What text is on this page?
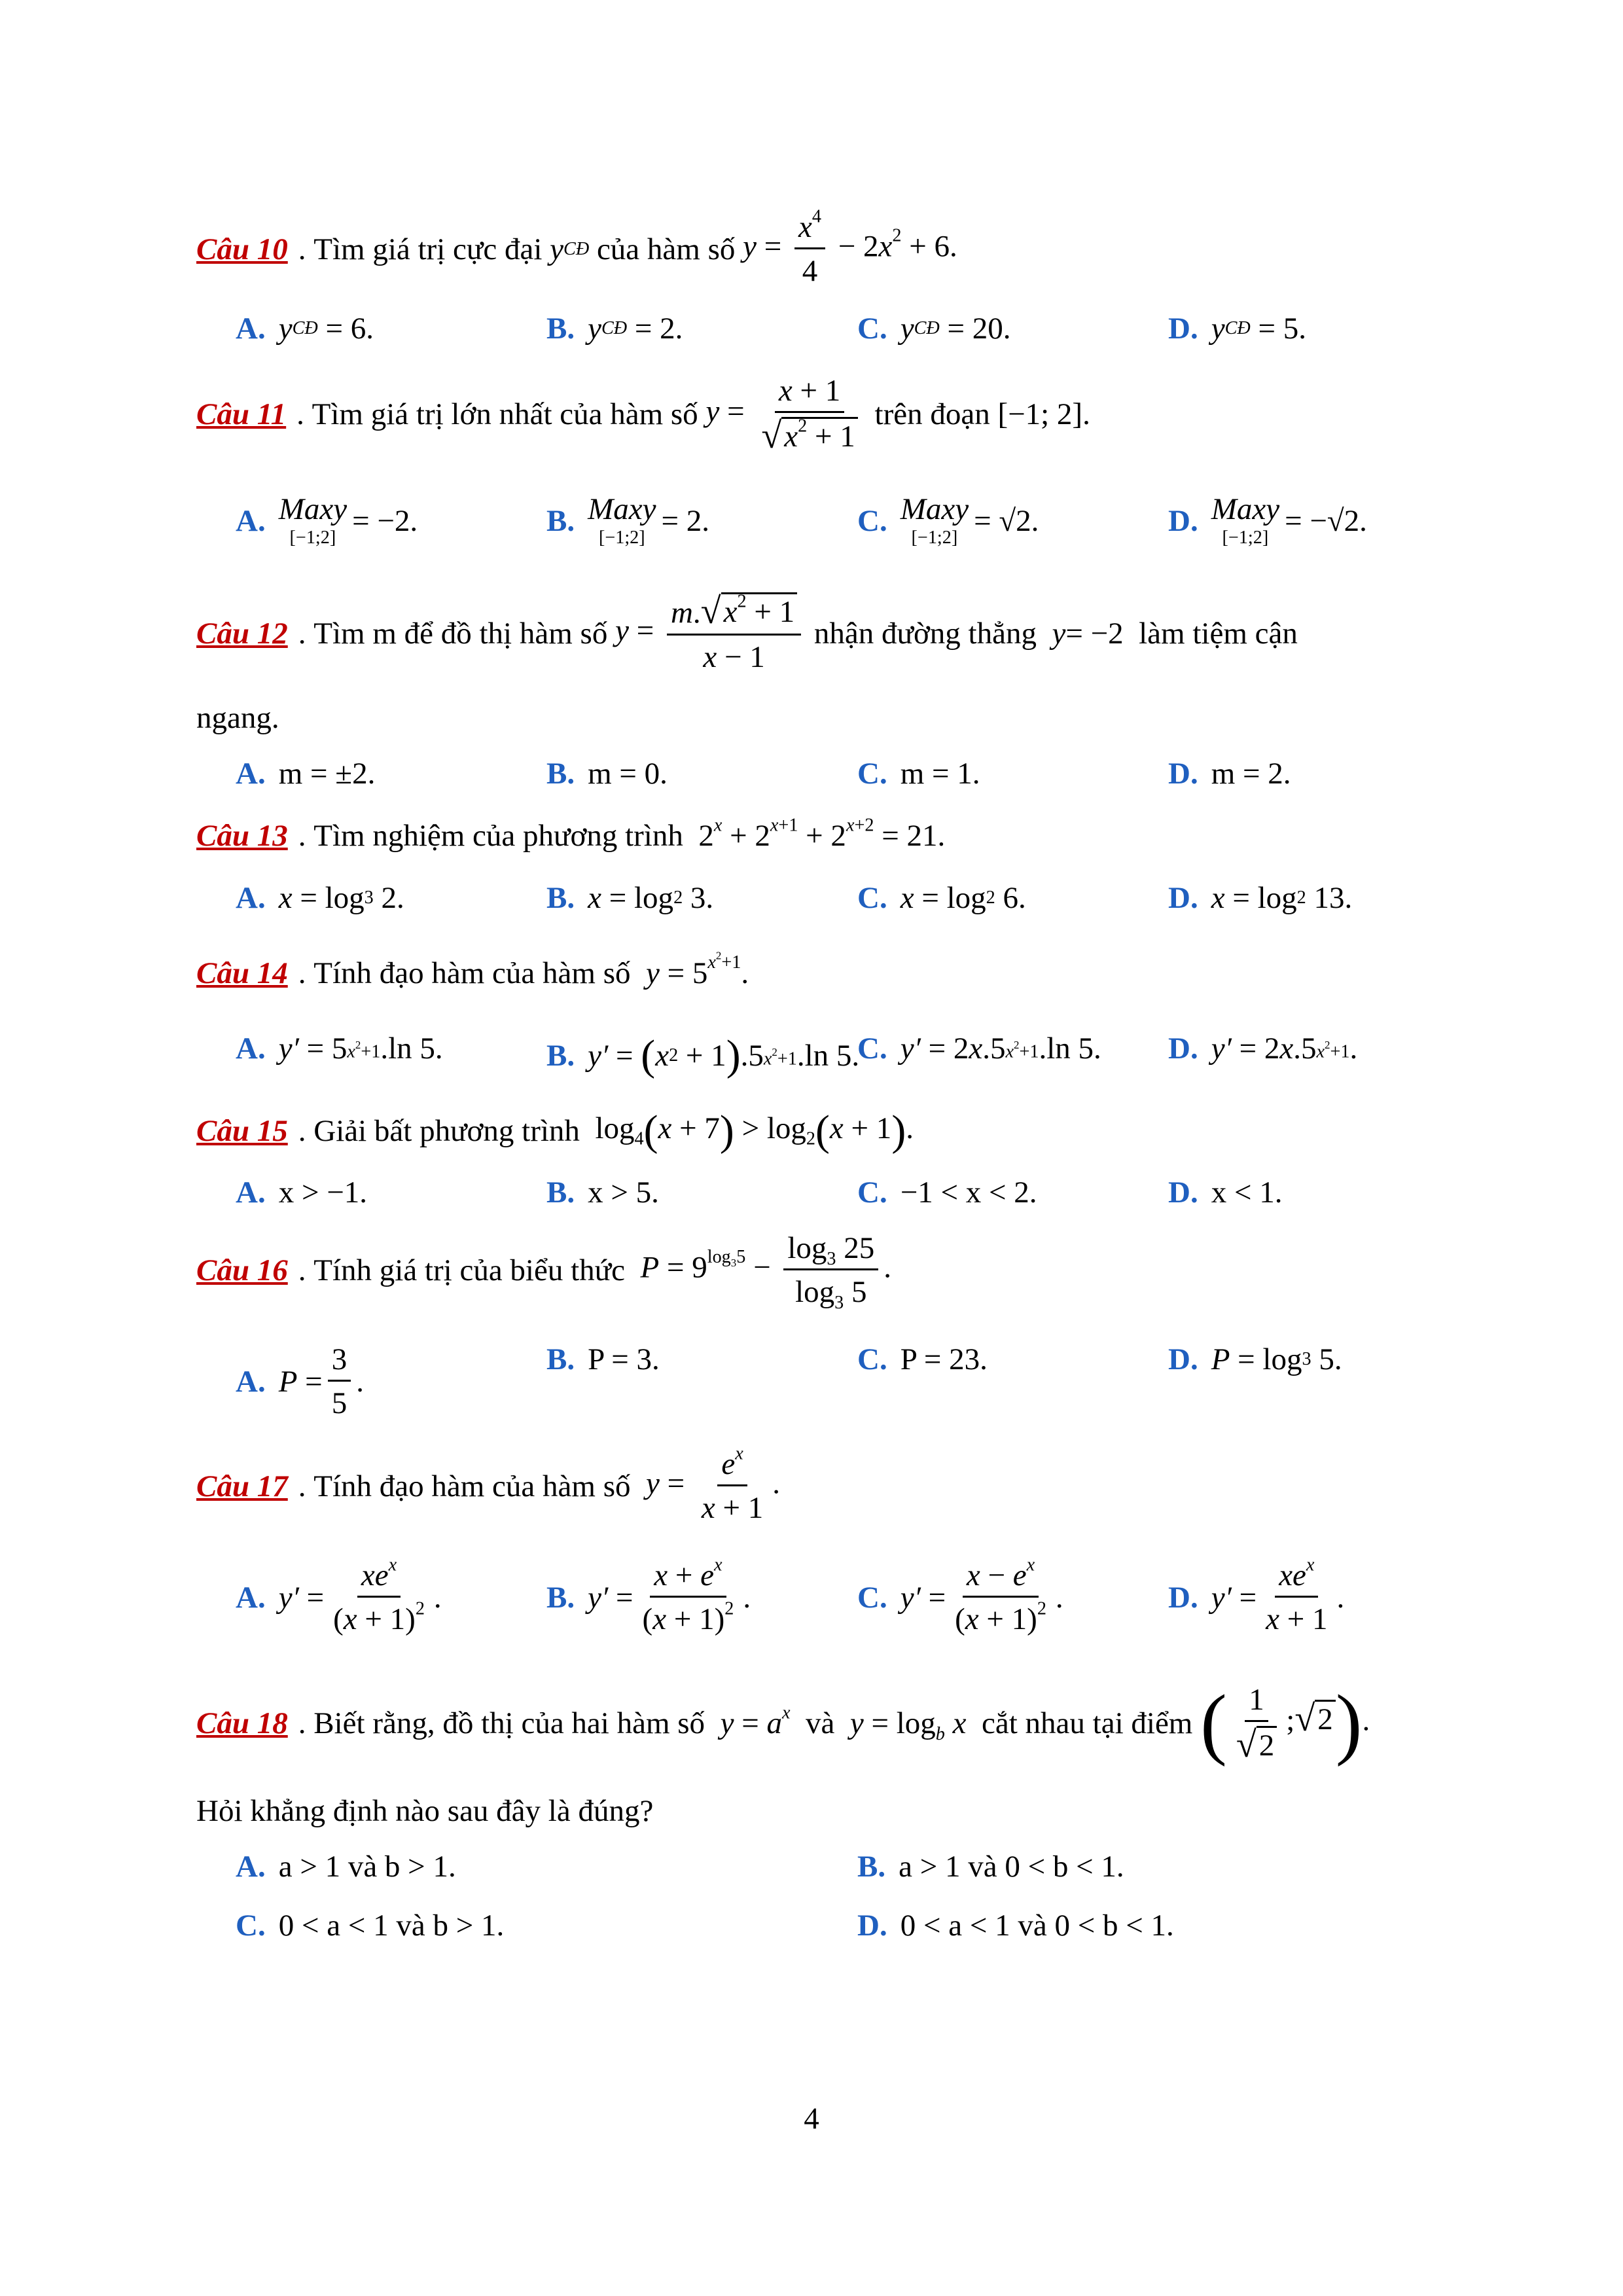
Câu 10 . Tìm giá trị cực đại
y CĐ
của hàm số $y = \frac{x^4}{4} - 2x^2 + 6$.
A. y CĐ = 6 .	B. y CĐ = 2 .	C. y CĐ = 20 .	D. y CĐ = 5 .
Câu 11 . Tìm giá trị lớn nhất của hàm số $y = \frac{x + 1}{√ x^2 + 1}$
trên đoạn [−1; 2].
A. Maxy
[−1;2] = −2 .	B. Maxy
[−1;2] = 2 .	C. Maxy
[−1;2] = √2 .	D. Maxy
[−1;2] = −√2 .
Câu 12 . Tìm m để đồ thị hàm số $y = \frac{m. √ x^2 + 1}{x - 1}$
nhận đường thẳng
y = −2 làm tiệm cận
ngang.
A. m = ±2.	B. m = 0.	C. m = 1.	D. m = 2.
Câu 13 . Tìm nghiệm của phương trình $2^x + 2^{x+1} + 2^{x+2} = 21$.
A. x = log 3 2.	B. x = log 2 3.	C. x = log 2 6.	D. x = log 2 13.
Câu 14 . Tính đạo hàm của hàm số $y = 5^{x^2+1}$.
A. y′ = 5 $x^2+1$ .ln 5.	B. y′ = ( x 2 + 1 ) .5 $x^2+1$ .ln 5.
C. y′ = 2 x .5 $x^2+1$ .ln 5. D. y′ = 2 x .5 $x^2+1$ .
Câu 15 . Giải bất phương trình $\log_4(x + 7) > \log_2(x + 1)$.
A. x > −1.	B. x > 5.	C. −1 < x < 2.	D. x < 1.
Câu 16 . Tính giá trị của biểu thức $P = 9^{log_35} - \frac{\log_3 25}{\log_3 5}$ .
A. $P = \frac{3}{5}$ .
B. P = 3.	C. P = 23.	D. P = log 3 5.
Câu 17 . Tính đạo hàm của hàm số $y = \frac{e^x}{x + 1}$ .
A. $y' = \frac{xe^x}{(x + 1)^2}$ .	B. $y' = \frac{x + e^x}{(x + 1)^2}$ .	C. $y' = \frac{x - e^x}{(x + 1)^2}$ .	D. $y' = \frac{xe^x}{x + 1}$ .
Câu 18 . Biết rằng, đồ thị của hai hàm số $y = a^x$ và $y = \log_b x$ cắt nhau tại điểm ( $\frac{1}{√ 2}$ ; √ 2 ).
Hỏi khẳng định nào sau đây là đúng?
A. a > 1 và b > 1.	B. a > 1 và 0 < b < 1.
C. 0 < a < 1 và b > 1.	D. 0 < a < 1 và 0 < b < 1.
4
